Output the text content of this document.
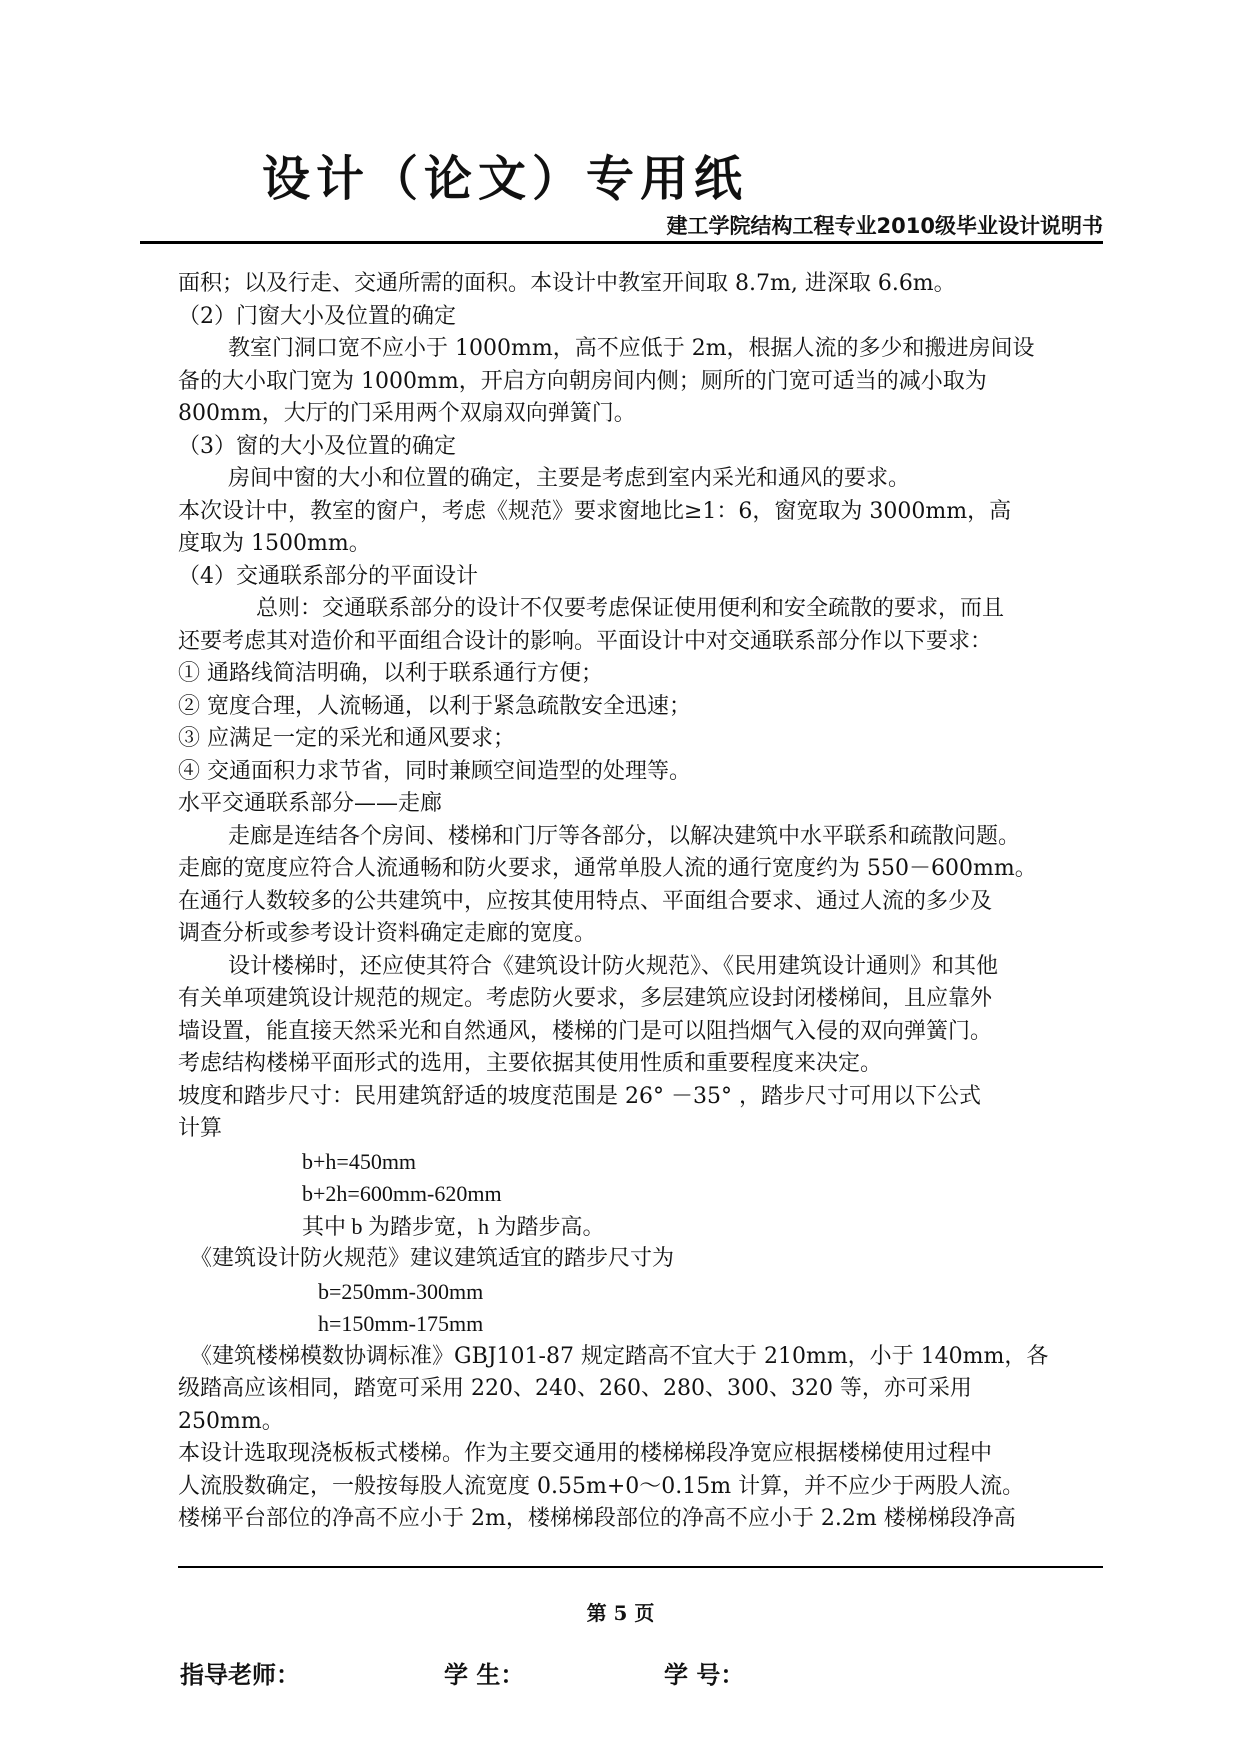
设计（论文）专用纸
建工学院结构工程专业2010级毕业设计说明书
面积；以及行走、交通所需的面积。本设计中教室开间取 8.7m, 进深取 6.6m。
（2）门窗大小及位置的确定
教室门洞口宽不应小于 1000mm，高不应低于 2m，根据人流的多少和搬进房间设
备的大小取门宽为 1000mm，开启方向朝房间内侧；厕所的门宽可适当的减小取为
800mm，大厅的门采用两个双扇双向弹簧门。
（3）窗的大小及位置的确定
房间中窗的大小和位置的确定，主要是考虑到室内采光和通风的要求。
本次设计中，教室的窗户，考虑《规范》要求窗地比≥1：6，窗宽取为 3000mm，高
度取为 1500mm。
（4）交通联系部分的平面设计
总则：交通联系部分的设计不仅要考虑保证使用便利和安全疏散的要求，而且
还要考虑其对造价和平面组合设计的影响。平面设计中对交通联系部分作以下要求：
① 通路线简洁明确，以利于联系通行方便；
② 宽度合理，人流畅通，以利于紧急疏散安全迅速；
③ 应满足一定的采光和通风要求；
④ 交通面积力求节省，同时兼顾空间造型的处理等。
水平交通联系部分——走廊
走廊是连结各个房间、楼梯和门厅等各部分，以解决建筑中水平联系和疏散问题。
走廊的宽度应符合人流通畅和防火要求，通常单股人流的通行宽度约为 550－600mm。
在通行人数较多的公共建筑中，应按其使用特点、平面组合要求、通过人流的多少及
调查分析或参考设计资料确定走廊的宽度。
设计楼梯时，还应使其符合《建筑设计防火规范》、《民用建筑设计通则》和其他
有关单项建筑设计规范的规定。考虑防火要求，多层建筑应设封闭楼梯间，且应靠外
墙设置，能直接天然采光和自然通风，楼梯的门是可以阻挡烟气入侵的双向弹簧门。
考虑结构楼梯平面形式的选用，主要依据其使用性质和重要程度来决定。
坡度和踏步尺寸：民用建筑舒适的坡度范围是 26° －35° ，踏步尺寸可用以下公式
计算
b+h=450mm
b+2h=600mm-620mm
其中 b 为踏步宽，h 为踏步高。
《建筑设计防火规范》建议建筑适宜的踏步尺寸为
b=250mm-300mm
h=150mm-175mm
《建筑楼梯模数协调标准》GBJ101-87 规定踏高不宜大于 210mm，小于 140mm，各
级踏高应该相同，踏宽可采用 220、240、260、280、300、320 等，亦可采用
250mm。
本设计选取现浇板板式楼梯。作为主要交通用的楼梯梯段净宽应根据楼梯使用过程中
人流股数确定，一般按每股人流宽度 0.55m+0～0.15m 计算，并不应少于两股人流。
楼梯平台部位的净高不应小于 2m，楼梯梯段部位的净高不应小于 2.2m 楼梯梯段净高
第 5 页
指导老师：	学 生：	学 号：
